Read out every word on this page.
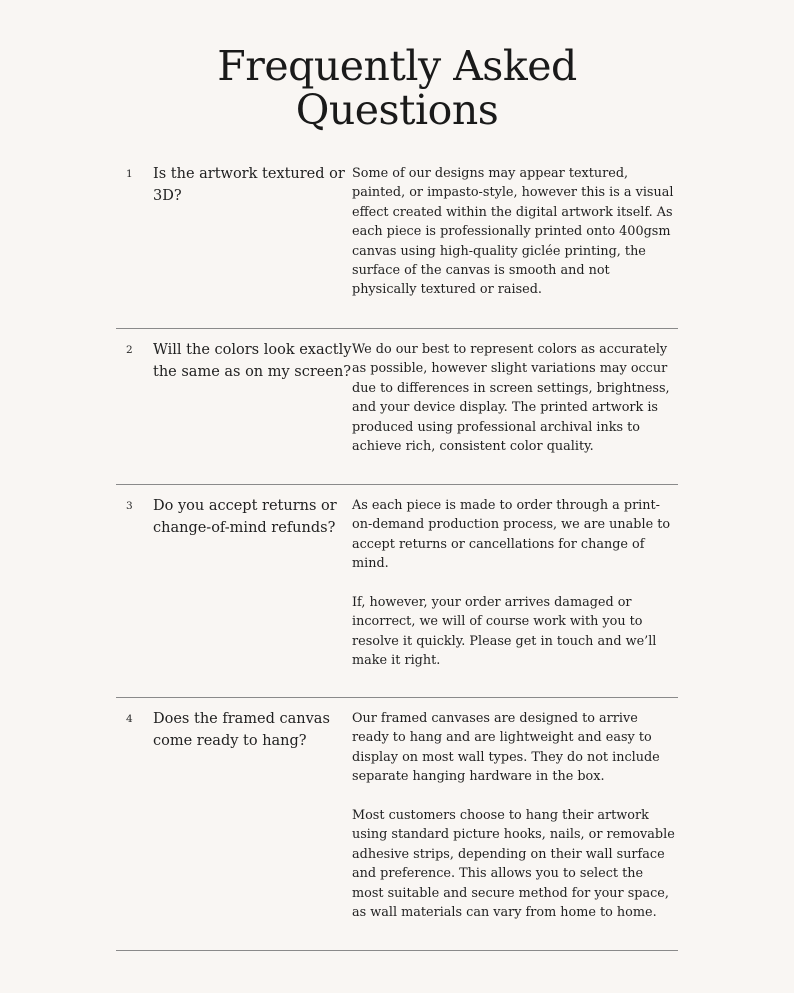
Frequently Asked
Questions
1	Is the artwork textured or 3D?

Some of our designs may appear textured, painted, or impasto-style, however this is a visual effect created within the digital artwork itself. As each piece is professionally printed onto 400gsm canvas using high-quality giclée printing, the surface of the canvas is smooth and not physically textured or raised.

2	Will the colors look exactly the same as on my screen?

We do our best to represent colors as accurately as possible, however slight variations may occur due to differences in screen settings, brightness, and your device display. The printed artwork is produced using professional archival inks to achieve rich, consistent color quality.

3	Do you accept returns or change-of-mind refunds?

As each piece is made to order through a print-on-demand production process, we are unable to accept returns or cancellations for change of mind.

If, however, your order arrives damaged or incorrect, we will of course work with you to resolve it quickly. Please get in touch and we’ll make it right.

4	Does the framed canvas come ready to hang?

Our framed canvases are designed to arrive ready to hang and are lightweight and easy to display on most wall types. They do not include separate hanging hardware in the box.

Most customers choose to hang their artwork using standard picture hooks, nails, or removable adhesive strips, depending on their wall surface and preference. This allows you to select the most suitable and secure method for your space, as wall materials can vary from home to home.
